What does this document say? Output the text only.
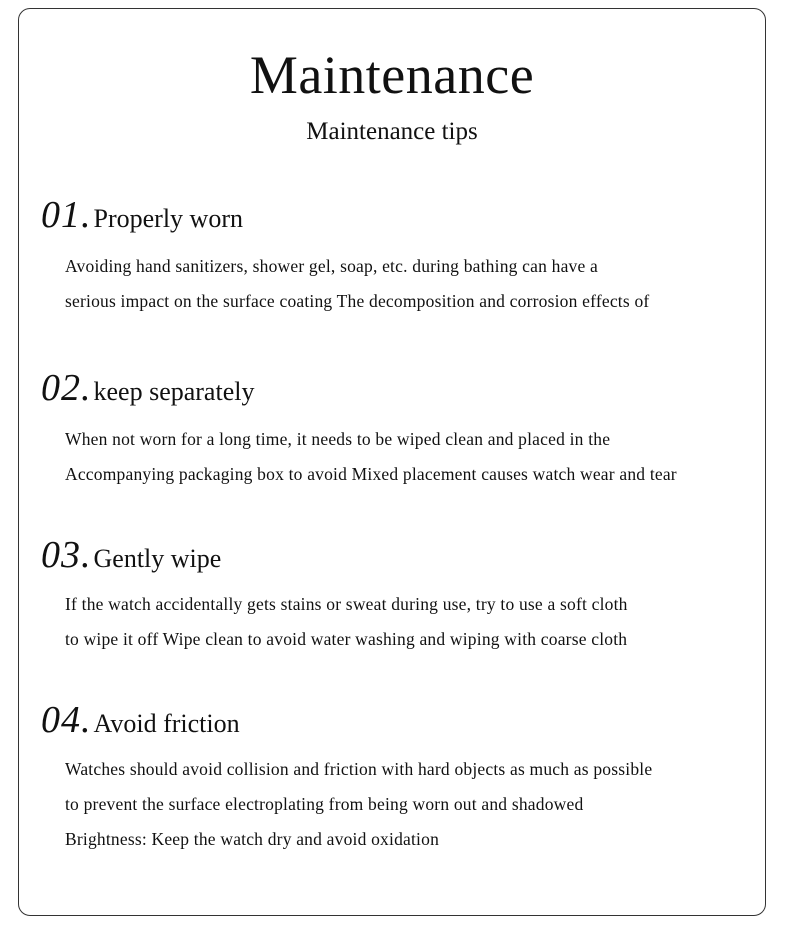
Maintenance
Maintenance tips
01.Properly worn
Avoiding hand sanitizers, shower gel, soap, etc. during bathing can have a
serious impact on the surface coating The decomposition and corrosion effects of
02.keep separately
When not worn for a long time, it needs to be wiped clean and placed in the
Accompanying packaging box to avoid Mixed placement causes watch wear and tear
03.Gently wipe
If the watch accidentally gets stains or sweat during use, try to use a soft cloth
to wipe it off Wipe clean to avoid water washing and wiping with coarse cloth
04.Avoid friction
Watches should avoid collision and friction with hard objects as much as possible
to prevent the surface electroplating from being worn out and shadowed
Brightness: Keep the watch dry and avoid oxidation
